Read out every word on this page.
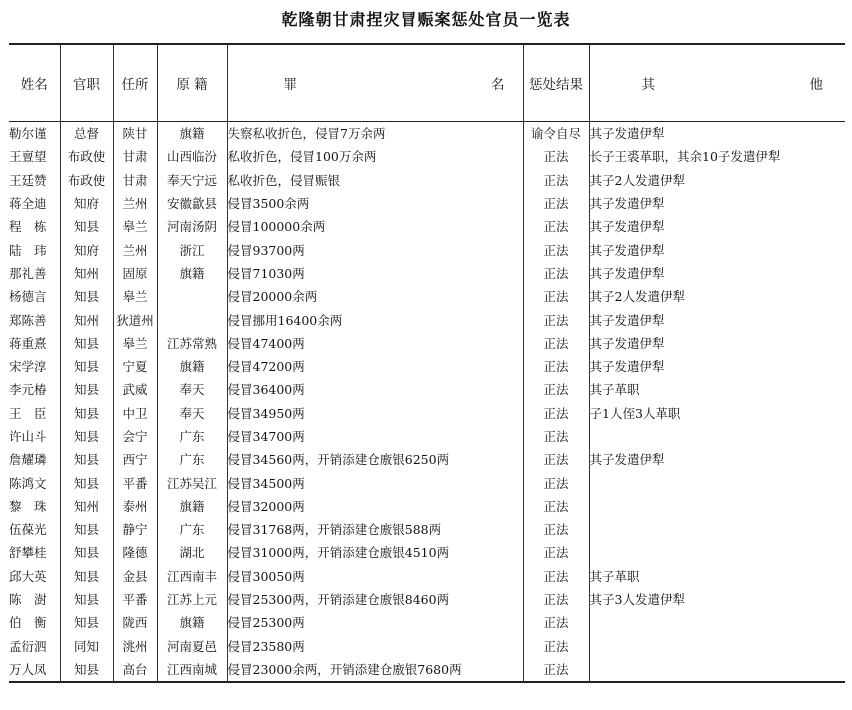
乾隆朝甘肃捏灾冒赈案惩处官员一览表
姓名	官职	任所	原 籍	罪 名	惩处结果	其 他

勒尔谨	总督	陕甘	旗籍	失察私收折色，侵冒7万余两	谕令自尽	其子发遣伊犁
王亶望	布政使	甘肃	山西临汾	私收折色，侵冒100万余两	正法	长子王裘革职，其余10子发遣伊犁
王廷赞	布政使	甘肃	奉天宁远	私收折色，侵冒赈银	正法	其子2人发遣伊犁
蒋全迪	知府	兰州	安徽歙县	侵冒3500余两	正法	其子发遣伊犁
程　栋	知县	皋兰	河南汤阴	侵冒100000余两	正法	其子发遣伊犁
陆　玮	知府	兰州	浙江	侵冒93700两	正法	其子发遣伊犁
那礼善	知州	固原	旗籍	侵冒71030两	正法	其子发遣伊犁
杨德言	知县	皋兰		侵冒20000余两	正法	其子2人发遣伊犁
郑陈善	知州	狄道州		侵冒挪用16400余两	正法	其子发遣伊犁
蒋重熹	知县	皋兰	江苏常熟	侵冒47400两	正法	其子发遣伊犁
宋学淳	知县	宁夏	旗籍	侵冒47200两	正法	其子发遣伊犁
李元椿	知县	武威	奉天	侵冒36400两	正法	其子革职
王　臣	知县	中卫	奉天	侵冒34950两	正法	子1人侄3人革职
许山斗	知县	会宁	广东	侵冒34700两	正法	
詹耀璘	知县	西宁	广东	侵冒34560两，开销添建仓廒银6250两	正法	其子发遣伊犁
陈鸿文	知县	平番	江苏吴江	侵冒34500两	正法	
黎　珠	知州	泰州	旗籍	侵冒32000两	正法	
伍葆光	知县	静宁	广东	侵冒31768两，开销添建仓廒银588两	正法	
舒攀桂	知县	隆德	湖北	侵冒31000两，开销添建仓廒银4510两	正法	
邱大英	知县	金县	江西南丰	侵冒30050两	正法	其子革职
陈　澍	知县	平番	江苏上元	侵冒25300两，开销添建仓廒银8460两	正法	其子3人发遣伊犁
伯　衡	知县	陇西	旗籍	侵冒25300两	正法	
孟衍泗	同知	洮州	河南夏邑	侵冒23580两	正法	
万人凤	知县	高台	江西南城	侵冒23000余两，开销添建仓廒银7680两	正法	
